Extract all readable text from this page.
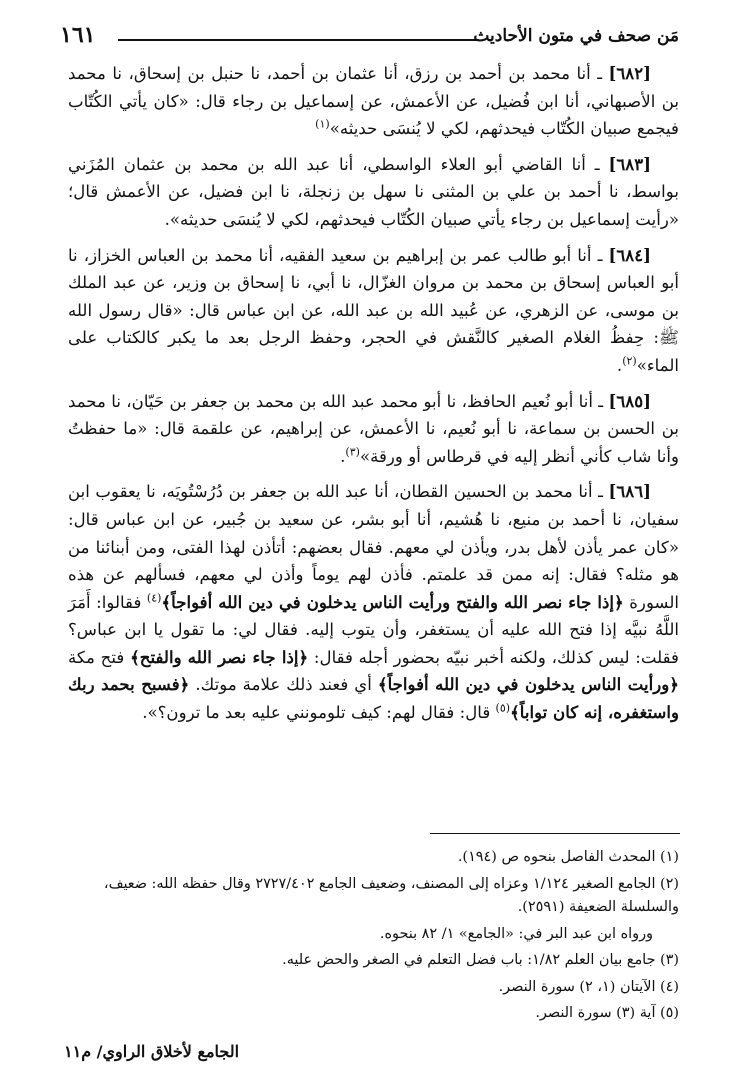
مَن صحف في متون الأحاديث
١٦١

[٦٨٢] ـ أنا محمد بن أحمد بن رزق، أنا عثمان بن أحمد، نا حنبل بن إسحاق، نا محمد بن الأصبهاني، أنا ابن فُضيل، عن الأعمش، عن إسماعيل بن رجاء قال: «كان يأتي الكُتّاب فيجمع صبيان الكُتّاب فيحدثهم، لكي لا يُنسَى حديثه»$^{(١)}$

[٦٨٣] ـ أنا القاضي أبو العلاء الواسطي، أنا عبد الله بن محمد بن عثمان المُزَني بواسط، نا أحمد بن علي بن المثنى نا سهل بن زنجلة، نا ابن فضيل، عن الأعمش قال؛ «رأيت إسماعيل بن رجاء يأتي صبيان الكُتّاب فيحدثهم، لكي لا يُنسَى حديثه».

[٦٨٤] ـ أنا أبو طالب عمر بن إبراهيم بن سعيد الفقيه، أنا محمد بن العباس الخزاز، نا أبو العباس إسحاق بن محمد بن مروان الغزّال، نا أبي، نا إسحاق بن وزير، عن عبد الملك بن موسى، عن الزهري، عن عُبيد الله بن عبد الله، عن ابن عباس قال: «قال رسول الله ﷺ: حِفظُ الغلام الصغير كالنَّقش في الحجر، وحفظ الرجل بعد ما يكبر كالكتاب على الماء»$^{(٢)}$.

[٦٨٥] ـ أنا أبو نُعيم الحافظ، نا أبو محمد عبد الله بن محمد بن جعفر بن حَيّان، نا محمد بن الحسن بن سماعة، نا أبو نُعيم، نا الأعمش، عن إبراهيم، عن علقمة قال: «ما حفظتُ وأنا شاب كأني أنظر إليه في قرطاس أو ورقة»$^{(٣)}$.

[٦٨٦] ـ أنا محمد بن الحسين القطان، أنا عبد الله بن جعفر بن دُرُسْتُويَه، نا يعقوب ابن سفيان، نا أحمد بن منيع، نا هُشيم، أنا أبو بشر، عن سعيد بن جُبير، عن ابن عباس قال: «كان عمر يأذن لأهل بدر، ويأذن لي معهم. فقال بعضهم: أتأذن لهذا الفتى، ومن أبنائنا من هو مثله؟ فقال: إنه ممن قد علمتم. فأذن لهم يوماً وأذن لي معهم، فسألهم عن هذه السورة ﴿إذا جاء نصر الله والفتح ورأيت الناس يدخلون في دين الله أفواجاً﴾$^{(٤)}$ فقالوا: أَمَرَ اللَّهُ نبيَّه إذا فتح الله عليه أن يستغفر، وأن يتوب إليه. فقال لي: ما تقول يا ابن عباس؟ فقلت: ليس كذلك، ولكنه أخبر نبيّه بحضور أجله فقال: ﴿إذا جاء نصر الله والفتح﴾ فتح مكة ﴿ورأيت الناس يدخلون في دين الله أفواجاً﴾ أي فعند ذلك علامة موتك. ﴿فسبح بحمد ربك واستغفره، إنه كان تواباً﴾$^{(٥)}$ قال: فقال لهم: كيف تلومونني عليه بعد ما ترون؟».

(١) المحدث الفاصل بنحوه ص (١٩٤).

(٢) الجامع الصغير ١/١٢٤ وعزاه إلى المصنف، وضعيف الجامع ٢٧٢٧/٤٠٢ وقال حفظه الله: ضعيف، والسلسلة الضعيفة (٢٥٩١).

ورواه ابن عبد البر في: «الجامع» ١/ ٨٢ بنحوه.

(٣) جامع بيان العلم ١/٨٢: باب فضل التعلم في الصغر والحض عليه.

(٤) الآيتان (١، ٢) سورة النصر.

(٥) آية (٣) سورة النصر.

الجامع لأخلاق الراوي/ م١١
